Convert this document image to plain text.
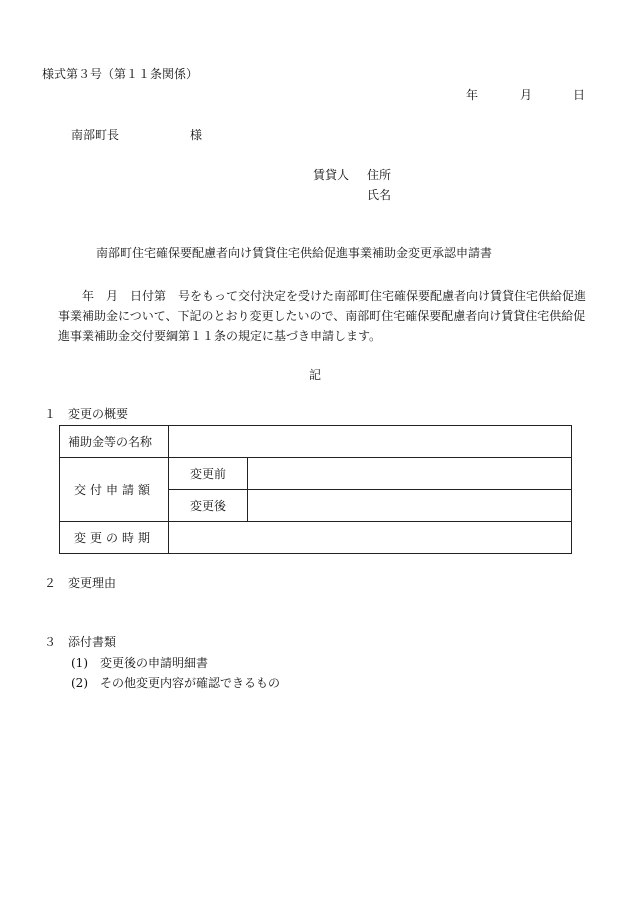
様式第３号（第１１条関係）
年	月	日
南部町長	様
賃貸人 住所
氏名
南部町住宅確保要配慮者向け賃貸住宅供給促進事業補助金変更承認申請書
年　月　日付第　号をもって交付決定を受けた南部町住宅確保要配慮者向け賃貸住宅供給促進事業補助金について、下記のとおり変更したいので、南部町住宅確保要配慮者向け賃貸住宅供給促進事業補助金交付要綱第１１条の規定に基づき申請します。
記
１　変更の概要
補助金等の名称		
交付申請額	変更前	
	変更後	
変更の時期		
２　変更理由
３　添付書類
(1)　変更後の申請明細書
(2)　その他変更内容が確認できるもの
